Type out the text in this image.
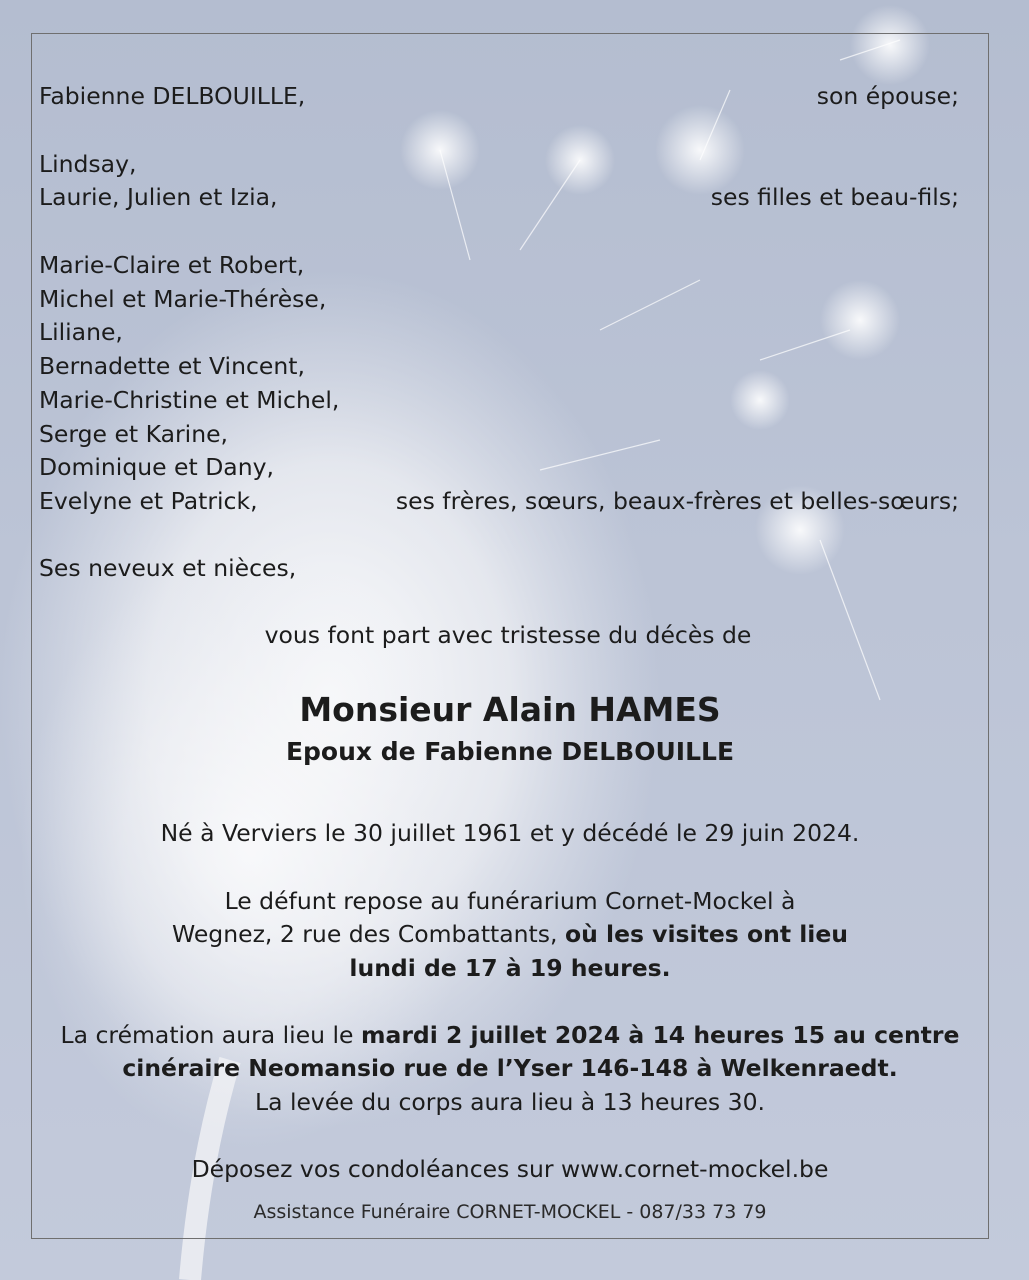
Fabienne DELBOUILLE,	son épouse;
Lindsay,
Laurie, Julien et Izia,	ses filles et beau-fils;
Marie-Claire et Robert,
Michel et Marie-Thérèse,
Liliane,
Bernadette et Vincent,
Marie-Christine et Michel,
Serge et Karine,
Dominique et Dany,
Evelyne et Patrick,	ses frères, sœurs, beaux-frères et belles-sœurs;
Ses neveux et nièces,
vous font part avec tristesse du décès de
Monsieur Alain HAMES
Epoux de Fabienne DELBOUILLE
Né à Verviers le 30 juillet 1961 et y décédé le 29 juin 2024.
Le défunt repose au funérarium Cornet-Mockel à
Wegnez, 2 rue des Combattants, où les visites ont lieu
lundi de 17 à 19 heures.
La crémation aura lieu le mardi 2 juillet 2024 à 14 heures 15 au centre
cinéraire Neomansio rue de l’Yser 146-148 à Welkenraedt.
La levée du corps aura lieu à 13 heures 30.
Déposez vos condoléances sur www.cornet-mockel.be
Assistance Funéraire CORNET-MOCKEL - 087/33 73 79
